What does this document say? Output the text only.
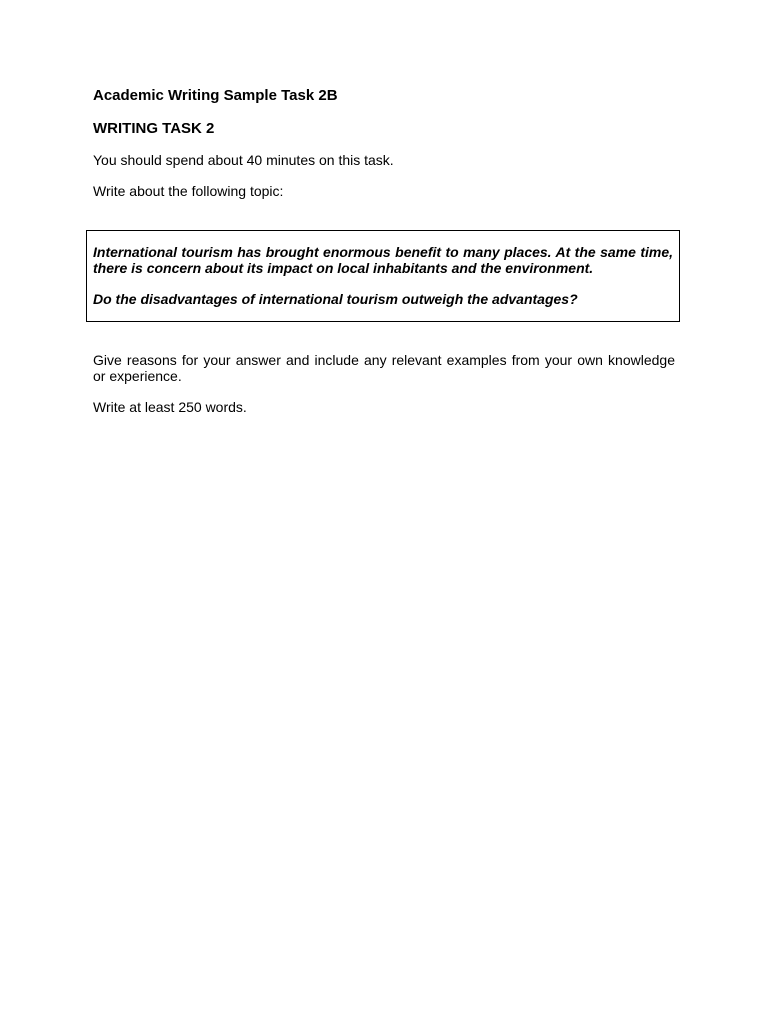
Academic Writing Sample Task 2B
WRITING TASK 2

You should spend about 40 minutes on this task.

Write about the following topic:

International tourism has brought enormous benefit to many places. At the same time, there is concern about its impact on local inhabitants and the environment.

Do the disadvantages of international tourism outweigh the advantages?

Give reasons for your answer and include any relevant examples from your own knowledge or experience.

Write at least 250 words.
